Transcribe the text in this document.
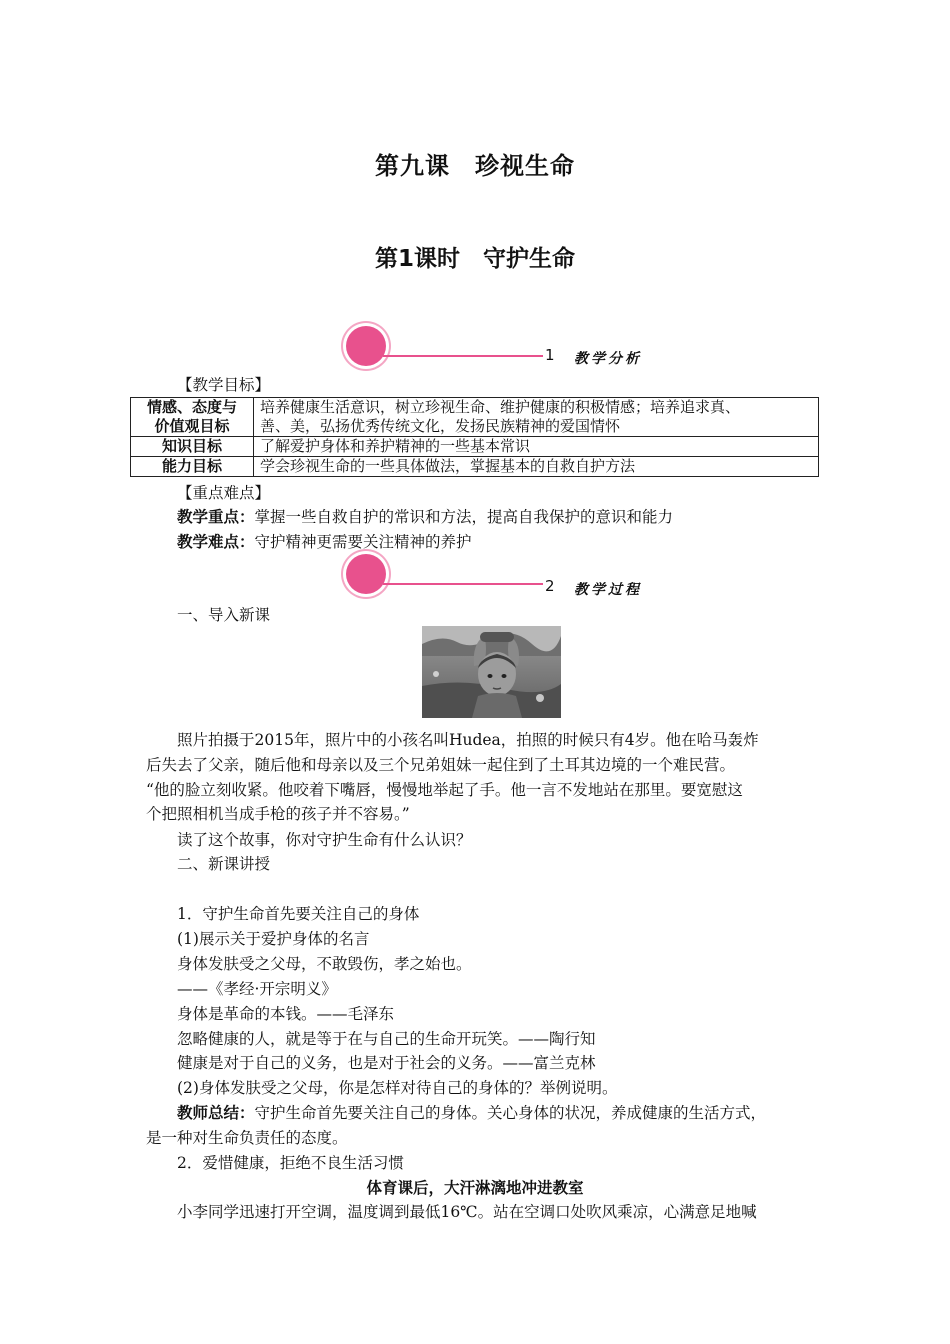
第九课　珍视生命
第1课时　守护生命
1 教学分析
【教学目标】
情感、态度与
价值观目标	培养健康生活意识，树立珍视生命、维护健康的积极情感；培养追求真、
善、美，弘扬优秀传统文化，发扬民族精神的爱国情怀
知识目标	了解爱护身体和养护精神的一些基本常识
能力目标	学会珍视生命的一些具体做法，掌握基本的自救自护方法
【重点难点】
教学重点：掌握一些自救自护的常识和方法，提高自我保护的意识和能力
教学难点：守护精神更需要关注精神的养护
2 教学过程
一、导入新课
照片拍摄于2015年，照片中的小孩名叫Hudea，拍照的时候只有4岁。他在哈马轰炸
后失去了父亲，随后他和母亲以及三个兄弟姐妹一起住到了土耳其边境的一个难民营。
“他的脸立刻收紧。他咬着下嘴唇，慢慢地举起了手。他一言不发地站在那里。要宽慰这
个把照相机当成手枪的孩子并不容易。”
读了这个故事，你对守护生命有什么认识？
二、新课讲授
1．守护生命首先要关注自己的身体
(1)展示关于爱护身体的名言
身体发肤受之父母，不敢毁伤，孝之始也。
——《孝经·开宗明义》
身体是革命的本钱。——毛泽东
忽略健康的人，就是等于在与自己的生命开玩笑。——陶行知
健康是对于自己的义务，也是对于社会的义务。——富兰克林
(2)身体发肤受之父母，你是怎样对待自己的身体的？举例说明。
教师总结：守护生命首先要关注自己的身体。关心身体的状况，养成健康的生活方式，
是一种对生命负责任的态度。
2．爱惜健康，拒绝不良生活习惯
体育课后，大汗淋漓地冲进教室
小李同学迅速打开空调，温度调到最低16℃。站在空调口处吹风乘凉，心满意足地喊
